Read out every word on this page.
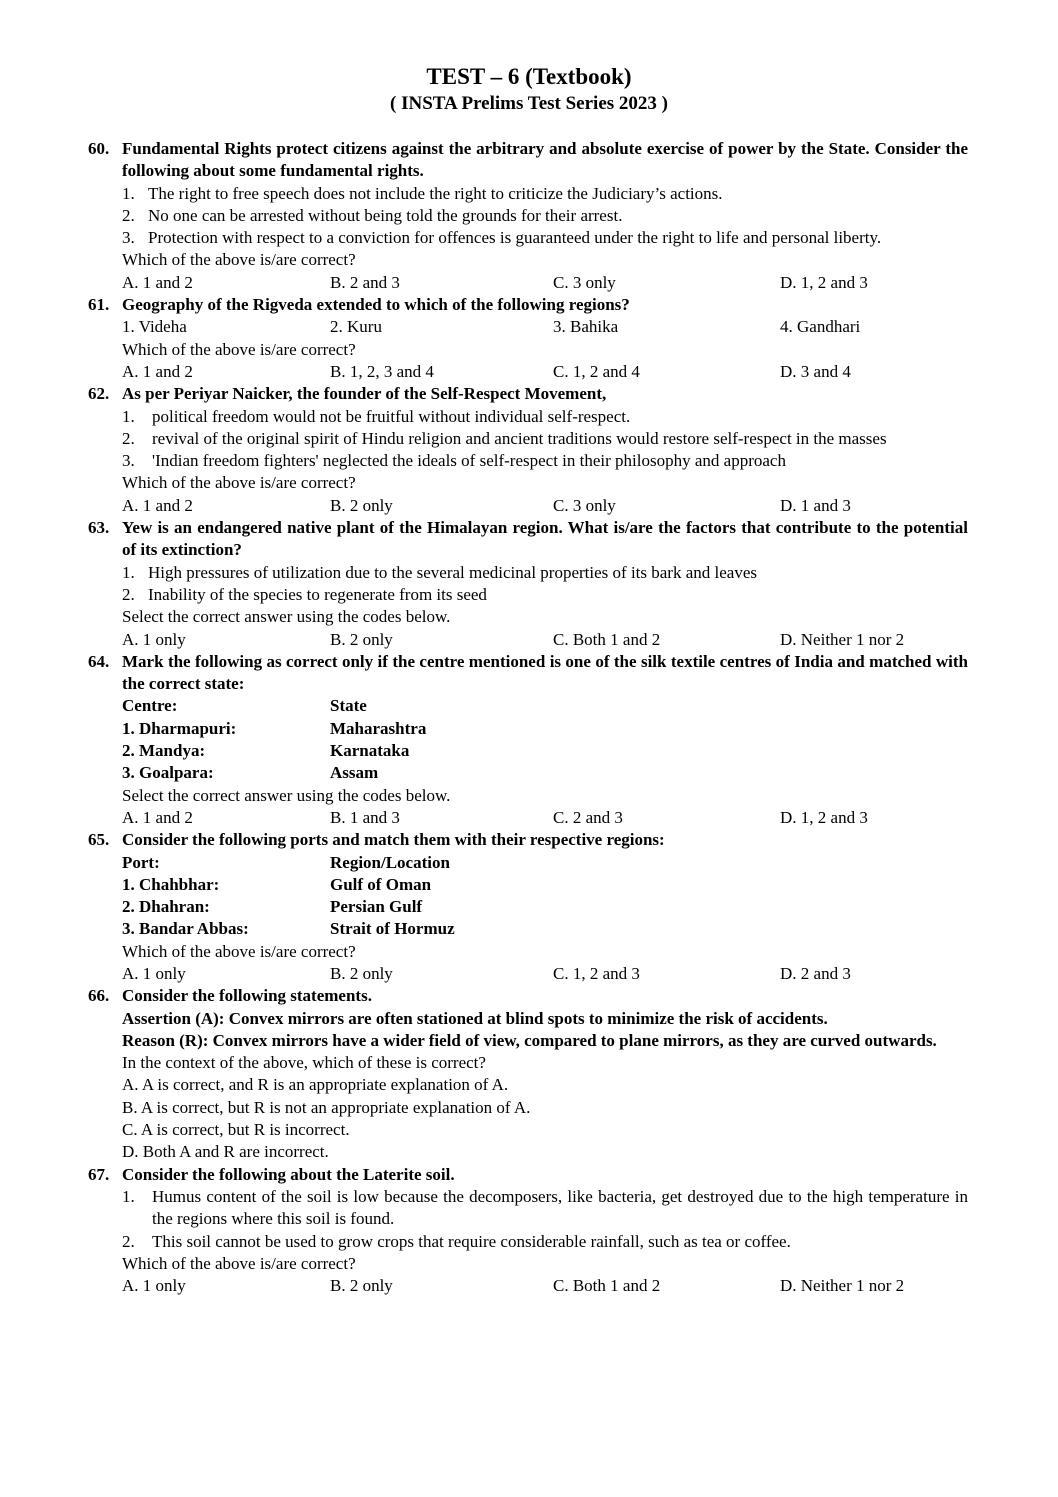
TEST – 6 (Textbook)
( INSTA Prelims Test Series 2023 )
60. Fundamental Rights protect citizens against the arbitrary and absolute exercise of power by the State. Consider the following about some fundamental rights.
1. The right to free speech does not include the right to criticize the Judiciary’s actions.
2. No one can be arrested without being told the grounds for their arrest.
3. Protection with respect to a conviction for offences is guaranteed under the right to life and personal liberty.
Which of the above is/are correct?
A. 1 and 2	B. 2 and 3	C. 3 only	D. 1, 2 and 3
61. Geography of the Rigveda extended to which of the following regions?
1. Videha	2. Kuru	3. Bahika	4. Gandhari
Which of the above is/are correct?
A. 1 and 2	B. 1, 2, 3 and 4	C. 1, 2 and 4	D. 3 and 4
62. As per Periyar Naicker, the founder of the Self-Respect Movement,
1. political freedom would not be fruitful without individual self-respect.
2. revival of the original spirit of Hindu religion and ancient traditions would restore self-respect in the masses
3. 'Indian freedom fighters' neglected the ideals of self-respect in their philosophy and approach
Which of the above is/are correct?
A. 1 and 2	B. 2 only	C. 3 only	D. 1 and 3
63. Yew is an endangered native plant of the Himalayan region. What is/are the factors that contribute to the potential of its extinction?
1. High pressures of utilization due to the several medicinal properties of its bark and leaves
2. Inability of the species to regenerate from its seed
Select the correct answer using the codes below.
A. 1 only	B. 2 only	C. Both 1 and 2	D. Neither 1 nor 2
64. Mark the following as correct only if the centre mentioned is one of the silk textile centres of India and matched with the correct state:
Centre:	State
1. Dharmapuri:	Maharashtra
2. Mandya:	Karnataka
3. Goalpara:	Assam
Select the correct answer using the codes below.
A. 1 and 2	B. 1 and 3	C. 2 and 3	D. 1, 2 and 3
65. Consider the following ports and match them with their respective regions:
Port:	Region/Location
1. Chahbhar:	Gulf of Oman
2. Dhahran:	Persian Gulf
3. Bandar Abbas:	Strait of Hormuz
Which of the above is/are correct?
A. 1 only	B. 2 only	C. 1, 2 and 3	D. 2 and 3
66. Consider the following statements.
Assertion (A): Convex mirrors are often stationed at blind spots to minimize the risk of accidents.
Reason (R): Convex mirrors have a wider field of view, compared to plane mirrors, as they are curved outwards.
In the context of the above, which of these is correct?
A. A is correct, and R is an appropriate explanation of A.
B. A is correct, but R is not an appropriate explanation of A.
C. A is correct, but R is incorrect.
D. Both A and R are incorrect.
67. Consider the following about the Laterite soil.
1. Humus content of the soil is low because the decomposers, like bacteria, get destroyed due to the high temperature in the regions where this soil is found.
2. This soil cannot be used to grow crops that require considerable rainfall, such as tea or coffee.
Which of the above is/are correct?
A. 1 only	B. 2 only	C. Both 1 and 2	D. Neither 1 nor 2
